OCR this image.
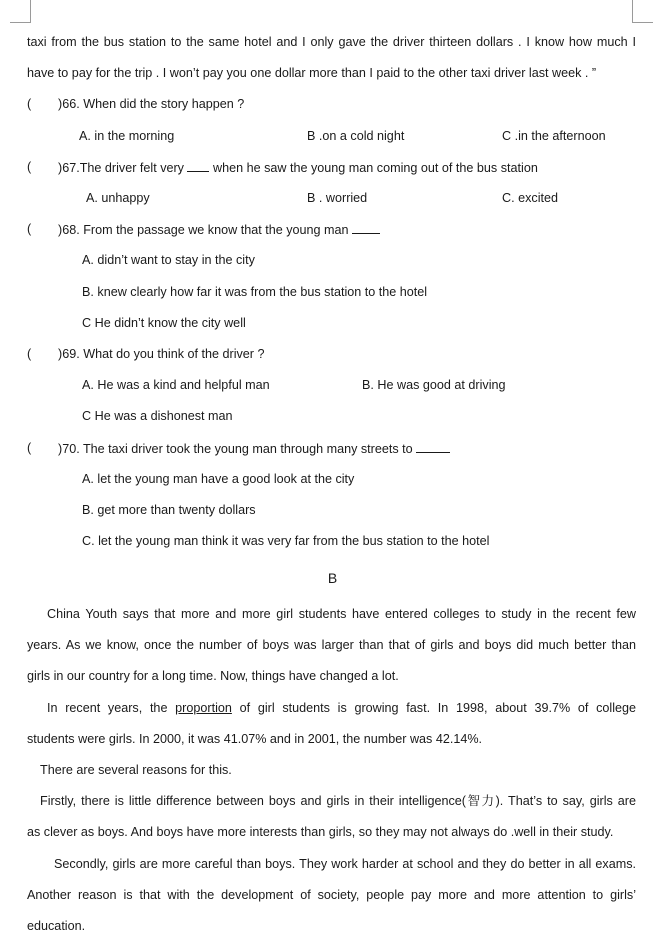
taxi from the bus station to the same hotel and I only gave the driver thirteen dollars . I know how much I
have to pay for the trip . I won’t pay you one dollar more than I paid to the other taxi driver last week . ”
( )66. When did the story happen ?
A. in the morning	B .on a cold night	C .in the afternoon
( )67.The driver felt very  when he saw the young man coming out of the bus station
A. unhappy	B . worried	C. excited
( )68. From the passage we know that the young man
A. didn’t want to stay in the city
B. knew clearly how far it was from the bus station to the hotel
C He didn’t know the city well
( )69. What do you think of the driver ?
A. He was a kind and helpful man	B. He was good at driving
C He was a dishonest man
( )70. The taxi driver took the young man through many streets to
A. let the young man have a good look at the city
B. get more than twenty dollars
C. let the young man think it was very far from the bus station to the hotel
B
China Youth says that more and more girl students have entered colleges to study in the recent few
years. As we know, once the number of boys was larger than that of girls and boys did much better than
girls in our country for a long time. Now, things have changed a lot.
In recent years, the proportion of girl students is growing fast. In 1998, about 39.7% of college
students were girls. In 2000, it was 41.07% and in 2001, the number was 42.14%.
There are several reasons for this.
Firstly, there is little difference between boys and girls in their intelligence(智力). That’s to say, girls are
as clever as boys. And boys have more interests than girls, so they may not always do .well in their study.
Secondly, girls are more careful than boys. They work harder at school and they do better in all exams.
Another reason is that with the development of society, people pay more and more attention to girls’
education.
